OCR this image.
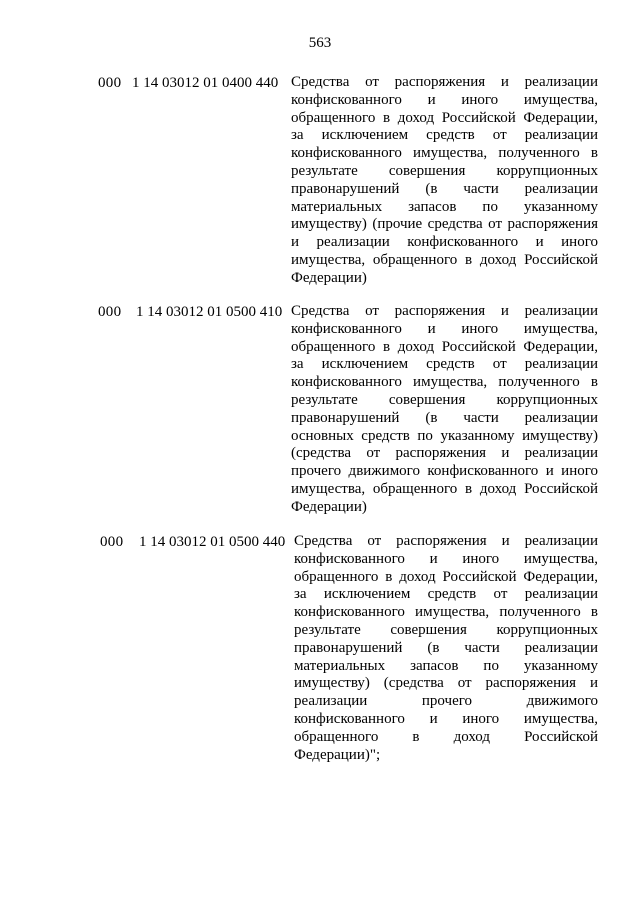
563
000 1 14 03012 01 0400 440 Средства от распоряжения и реализации
конфискованного и иного имущества,
обращенного в доход Российской Федерации,
за исключением средств от реализации
конфискованного имущества, полученного в
результате совершения коррупционных
правонарушений (в части реализации
материальных запасов по указанному
имуществу) (прочие средства от распоряжения
и реализации конфискованного и иного
имущества, обращенного в доход Российской
Федерации)
000 1 14 03012 01 0500 410 Средства от распоряжения и реализации
конфискованного и иного имущества,
обращенного в доход Российской Федерации,
за исключением средств от реализации
конфискованного имущества, полученного в
результате совершения коррупционных
правонарушений (в части реализации
основных средств по указанному имуществу)
(средства от распоряжения и реализации
прочего движимого конфискованного и иного
имущества, обращенного в доход Российской
Федерации)
000 1 14 03012 01 0500 440 Средства от распоряжения и реализации
конфискованного и иного имущества,
обращенного в доход Российской Федерации,
за исключением средств от реализации
конфискованного имущества, полученного в
результате совершения коррупционных
правонарушений (в части реализации
материальных запасов по указанному
имуществу) (средства от распоряжения и
реализации прочего движимого
конфискованного и иного имущества,
обращенного в доход Российской
Федерации)";
